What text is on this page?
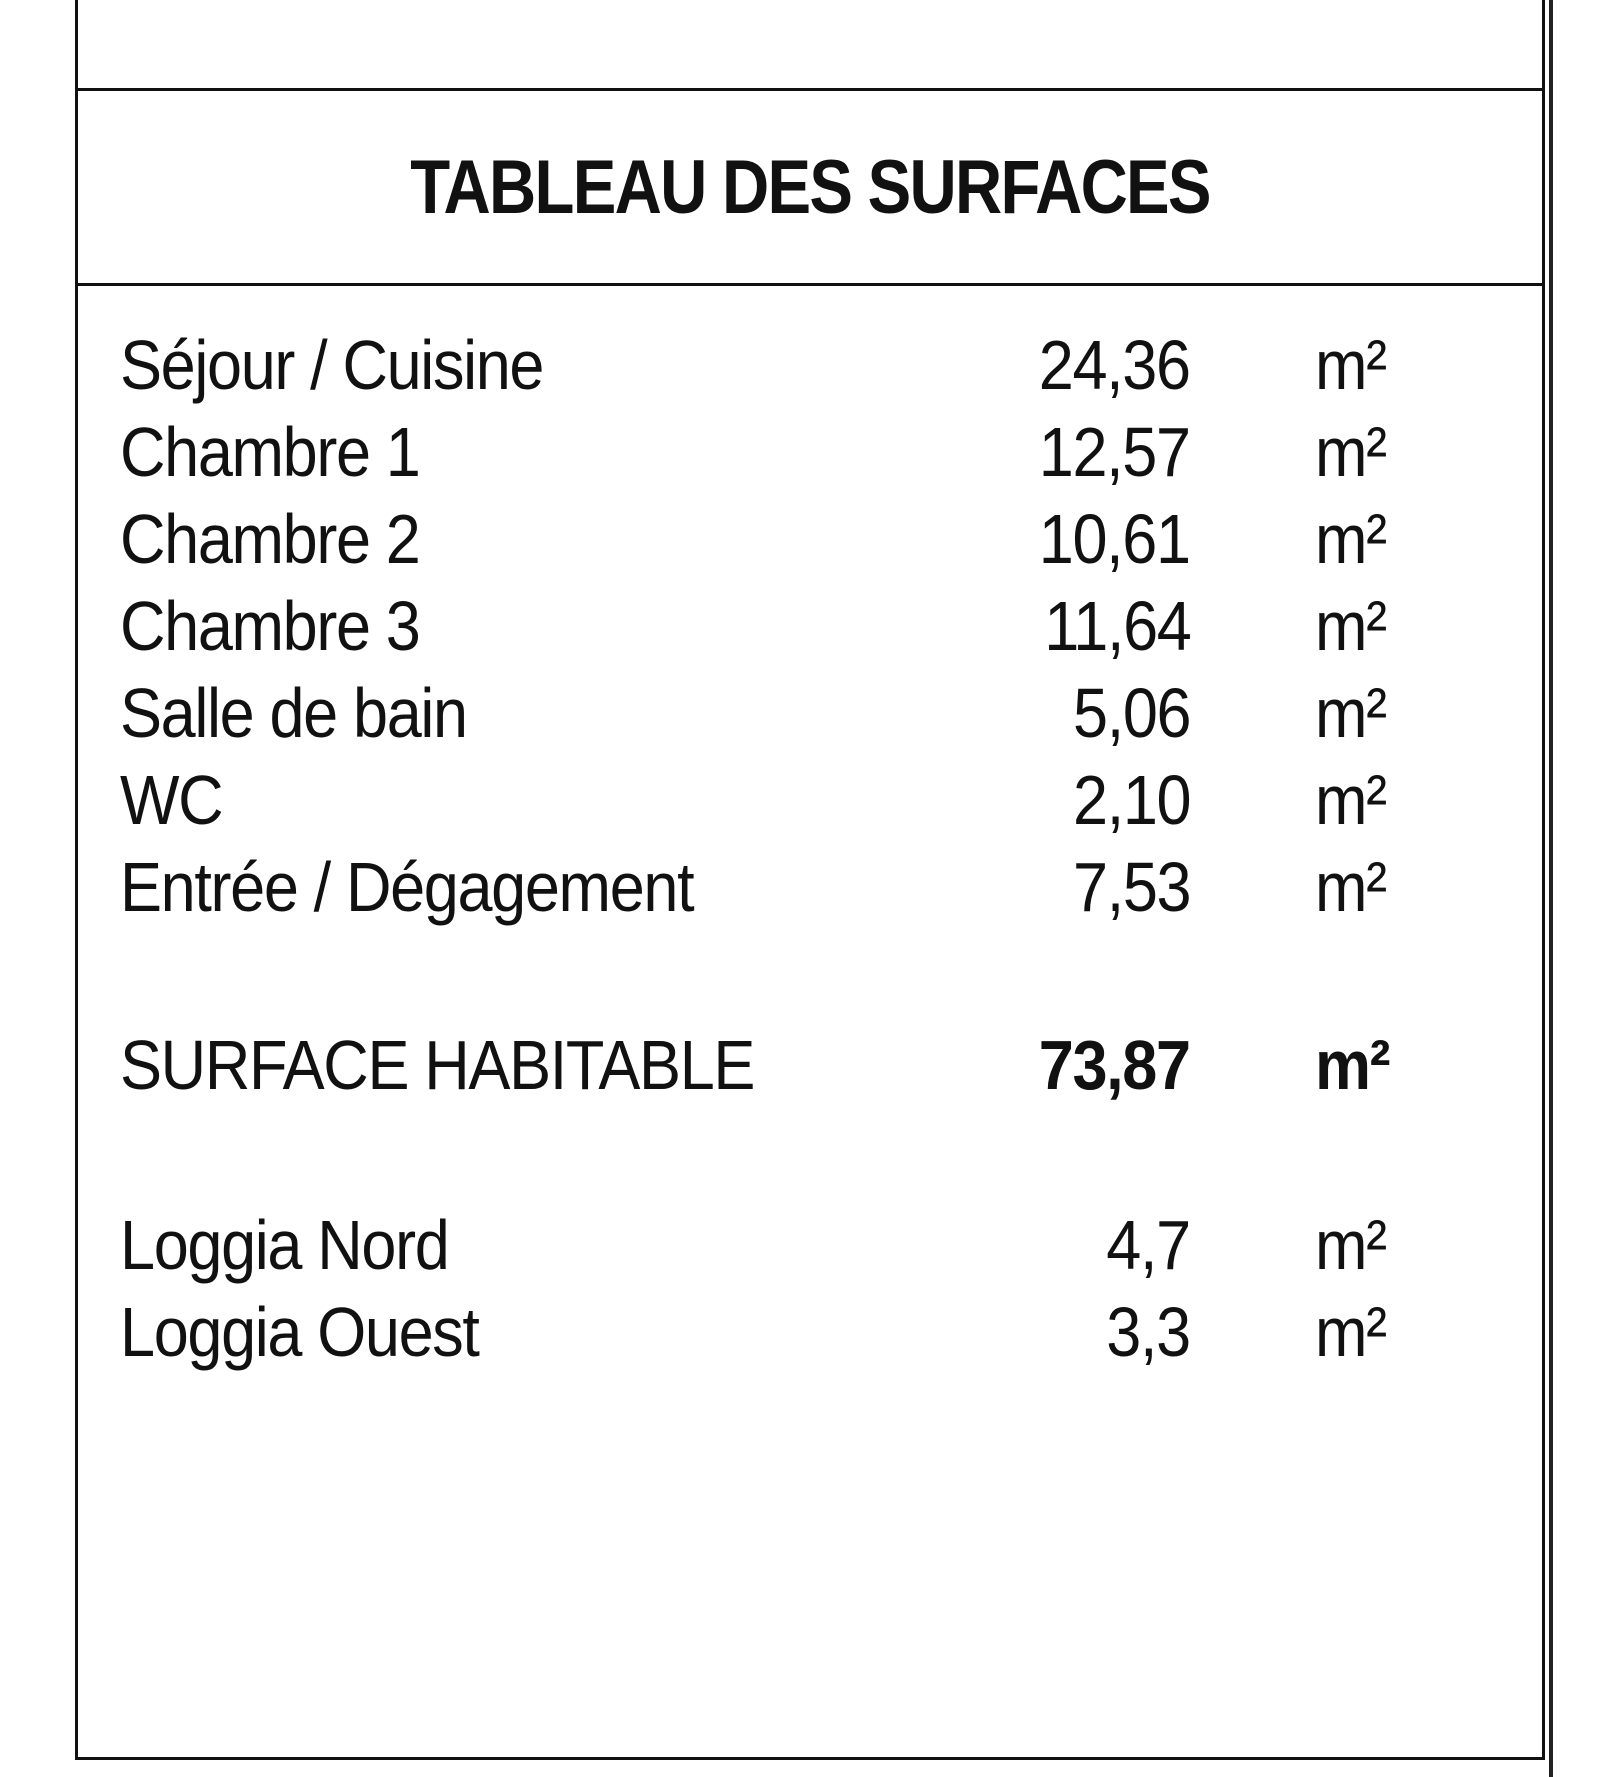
TABLEAU DES SURFACES
Séjour / Cuisine	24,36 m²
Chambre 1	12,57 m²
Chambre 2	10,61 m²
Chambre 3	11,64 m²
Salle de bain	5,06 m²
WC	2,10 m²
Entrée / Dégagement	7,53 m²
SURFACE HABITABLE	73,87 m²
Loggia Nord	4,7 m²
Loggia Ouest	3,3 m²
